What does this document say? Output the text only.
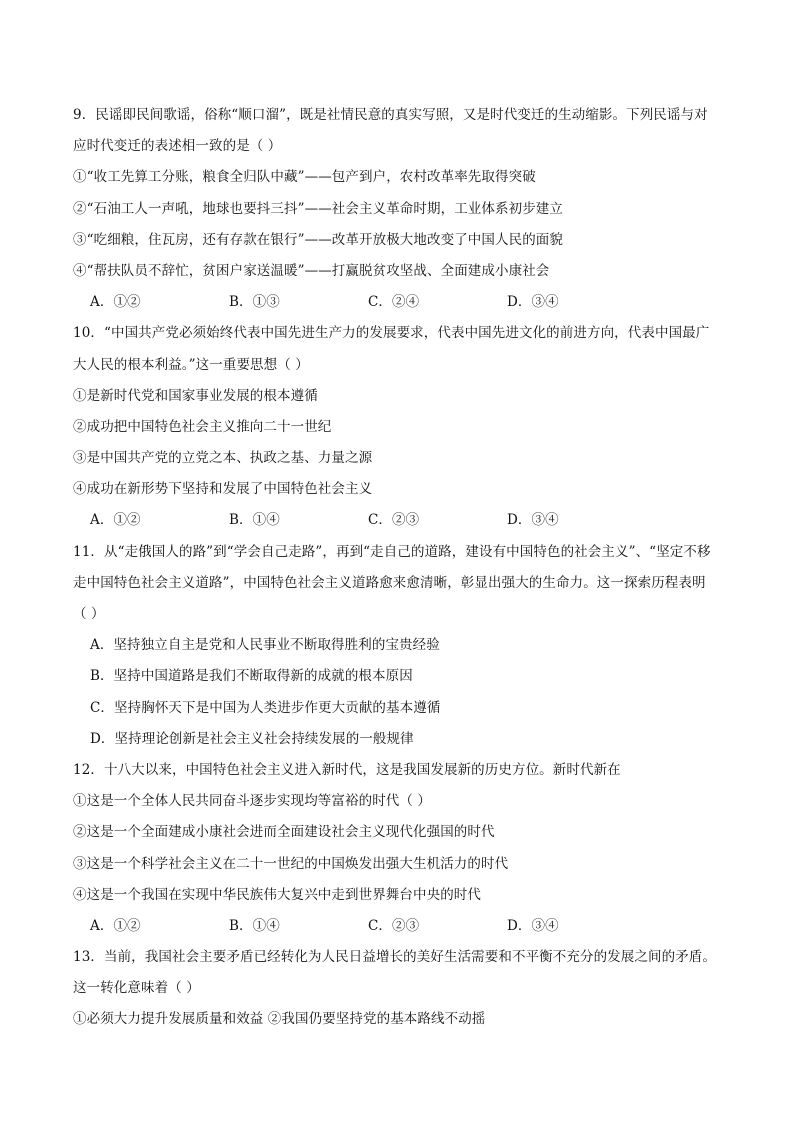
9．民谣即民间歌谣，俗称“顺口溜”，既是社情民意的真实写照，又是时代变迁的生动缩影。下列民谣与对
应时代变迁的表述相一致的是（ ）
①“收工先算工分账，粮食全归队中藏”——包产到户，农村改革率先取得突破
②“石油工人一声吼，地球也要抖三抖”——社会主义革命时期，工业体系初步建立
③“吃细粮，住瓦房，还有存款在银行”——改革开放极大地改变了中国人民的面貌
④“帮扶队员不辞忙，贫困户家送温暖”——打赢脱贫攻坚战、全面建成小康社会
A．①②	B．①③	C．②④	D．③④
10．“中国共产党必须始终代表中国先进生产力的发展要求，代表中国先进文化的前进方向，代表中国最广
大人民的根本利益。”这一重要思想（ ）
①是新时代党和国家事业发展的根本遵循
②成功把中国特色社会主义推向二十一世纪
③是中国共产党的立党之本、执政之基、力量之源
④成功在新形势下坚持和发展了中国特色社会主义
A．①②	B．①④	C．②③	D．③④
11．从“走俄国人的路”到“学会自己走路”，再到“走自己的道路，建设有中国特色的社会主义”、“坚定不移
走中国特色社会主义道路”，中国特色社会主义道路愈来愈清晰，彰显出强大的生命力。这一探索历程表明
（ ）
A．坚持独立自主是党和人民事业不断取得胜利的宝贵经验
B．坚持中国道路是我们不断取得新的成就的根本原因
C．坚持胸怀天下是中国为人类进步作更大贡献的基本遵循
D．坚持理论创新是社会主义社会持续发展的一般规律
12．十八大以来，中国特色社会主义进入新时代，这是我国发展新的历史方位。新时代新在
①这是一个全体人民共同奋斗逐步实现均等富裕的时代（ ）
②这是一个全面建成小康社会进而全面建设社会主义现代化强国的时代
③这是一个科学社会主义在二十一世纪的中国焕发出强大生机活力的时代
④这是一个我国在实现中华民族伟大复兴中走到世界舞台中央的时代
A．①②	B．①④	C．②③	D．③④
13．当前，我国社会主要矛盾已经转化为人民日益增长的美好生活需要和不平衡不充分的发展之间的矛盾。
这一转化意味着（ ）
①必须大力提升发展质量和效益 ②我国仍要坚持党的基本路线不动摇
